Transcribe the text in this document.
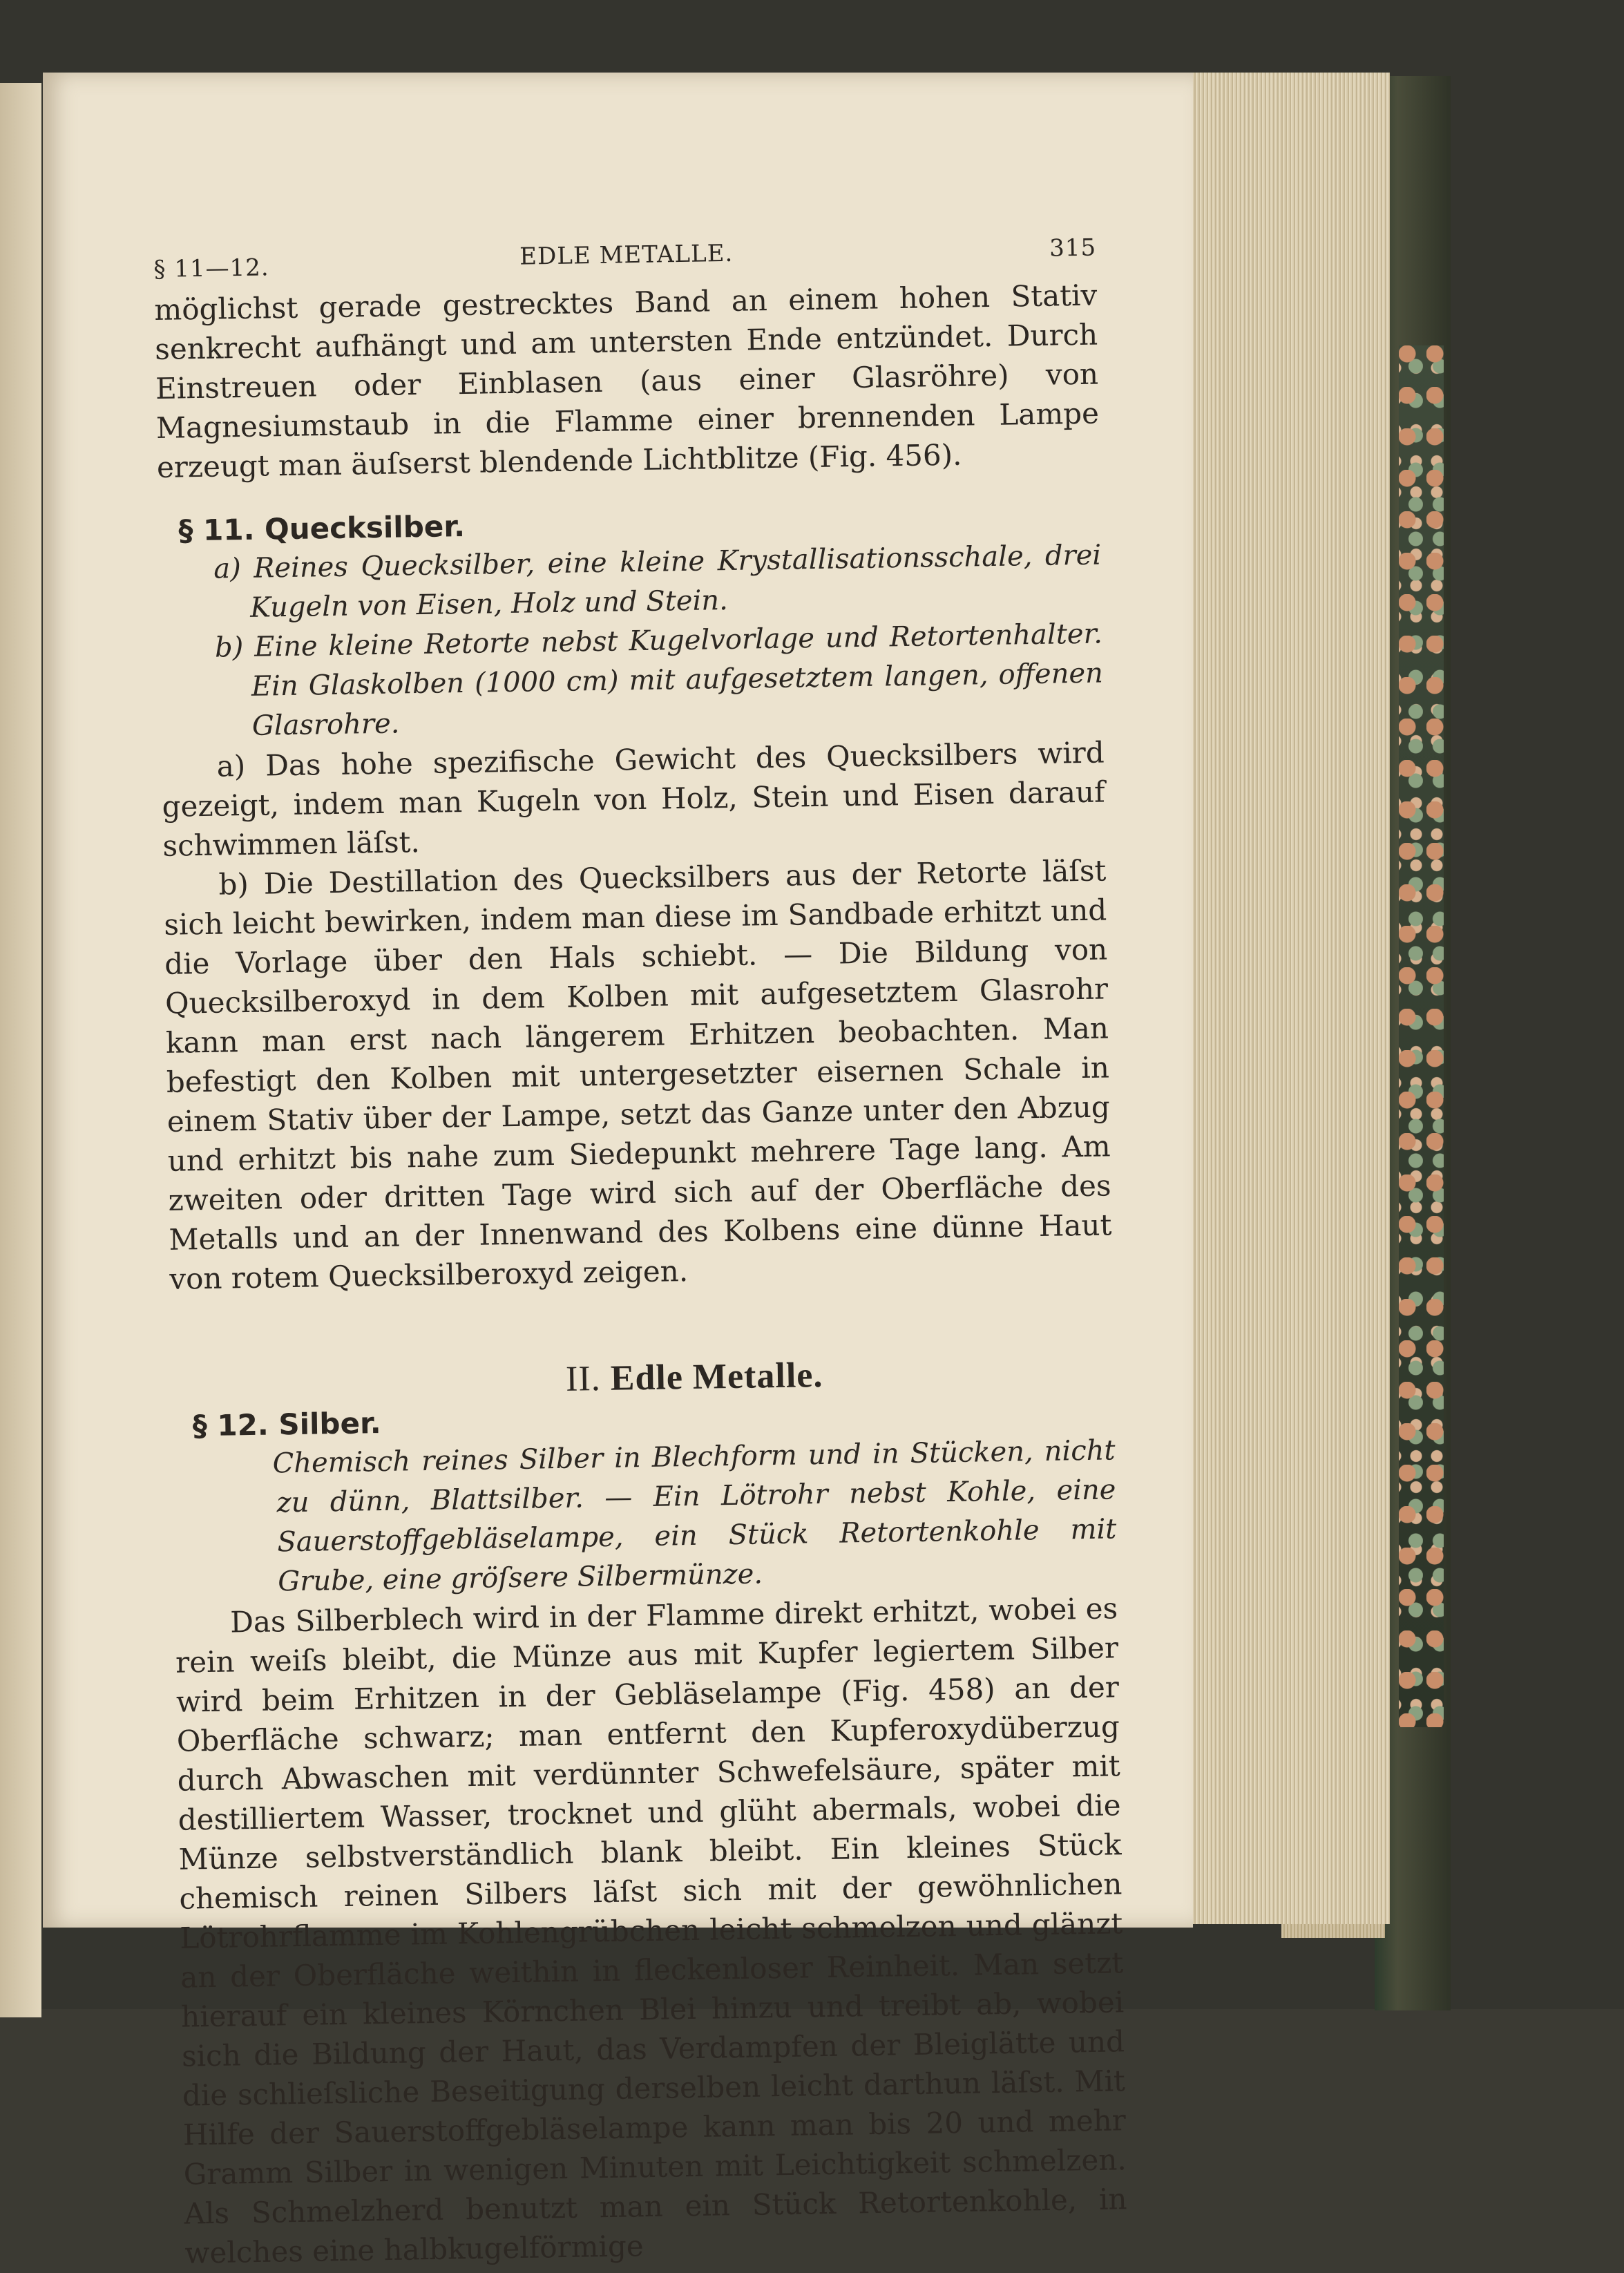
§ 11—12.	EDLE METALLE.	315

möglichst gerade gestrecktes Band an einem hohen Stativ senkrecht aufhängt und am untersten Ende entzündet. Durch Einstreuen oder Einblasen (aus einer Glasröhre) von Magnesiumstaub in die Flamme einer brennenden Lampe erzeugt man äuſserst blendende Lichtblitze (Fig. 456).

§ 11. Quecksilber.

a) Reines Quecksilber, eine kleine Krystallisationsschale, drei Kugeln von Eisen, Holz und Stein.

b) Eine kleine Retorte nebst Kugelvorlage und Retortenhalter. Ein Glaskolben (1000 cm) mit aufgesetztem langen, offenen Glasrohre.

a) Das hohe spezifische Gewicht des Quecksilbers wird gezeigt, indem man Kugeln von Holz, Stein und Eisen darauf schwimmen läſst.

b) Die Destillation des Quecksilbers aus der Retorte läſst sich leicht bewirken, indem man diese im Sandbade erhitzt und die Vorlage über den Hals schiebt. — Die Bildung von Quecksilberoxyd in dem Kolben mit aufgesetztem Glasrohr kann man erst nach längerem Erhitzen beobachten. Man befestigt den Kolben mit untergesetzter eisernen Schale in einem Stativ über der Lampe, setzt das Ganze unter den Abzug und erhitzt bis nahe zum Siedepunkt mehrere Tage lang. Am zweiten oder dritten Tage wird sich auf der Oberfläche des Metalls und an der Innenwand des Kolbens eine dünne Haut von rotem Quecksilberoxyd zeigen.

II. Edle Metalle.
§ 12. Silber.

Chemisch reines Silber in Blechform und in Stücken, nicht zu dünn, Blattsilber. — Ein Lötrohr nebst Kohle, eine Sauerstoffgebläselampe, ein Stück Retortenkohle mit Grube, eine gröſsere Silbermünze.

Das Silberblech wird in der Flamme direkt erhitzt, wobei es rein weiſs bleibt, die Münze aus mit Kupfer legiertem Silber wird beim Erhitzen in der Gebläselampe (Fig. 458) an der Oberfläche schwarz; man entfernt den Kupferoxydüberzug durch Abwaschen mit verdünnter Schwefelsäure, später mit destilliertem Wasser, trocknet und glüht abermals, wobei die Münze selbstverständlich blank bleibt. Ein kleines Stück chemisch reinen Silbers läſst sich mit der gewöhnlichen Lötrohrflamme im Kohlengrübchen leicht schmelzen und glänzt an der Oberfläche weithin in fleckenloser Reinheit. Man setzt hierauf ein kleines Körnchen Blei hinzu und treibt ab, wobei sich die Bildung der Haut, das Verdampfen der Bleiglätte und die schlieſsliche Beseitigung derselben leicht darthun läſst. Mit Hilfe der Sauerstoffgebläselampe kann man bis 20 und mehr Gramm Silber in wenigen Minuten mit Leichtigkeit schmelzen. Als Schmelzherd benutzt man ein Stück Retortenkohle, in welches eine halbkugelförmige
